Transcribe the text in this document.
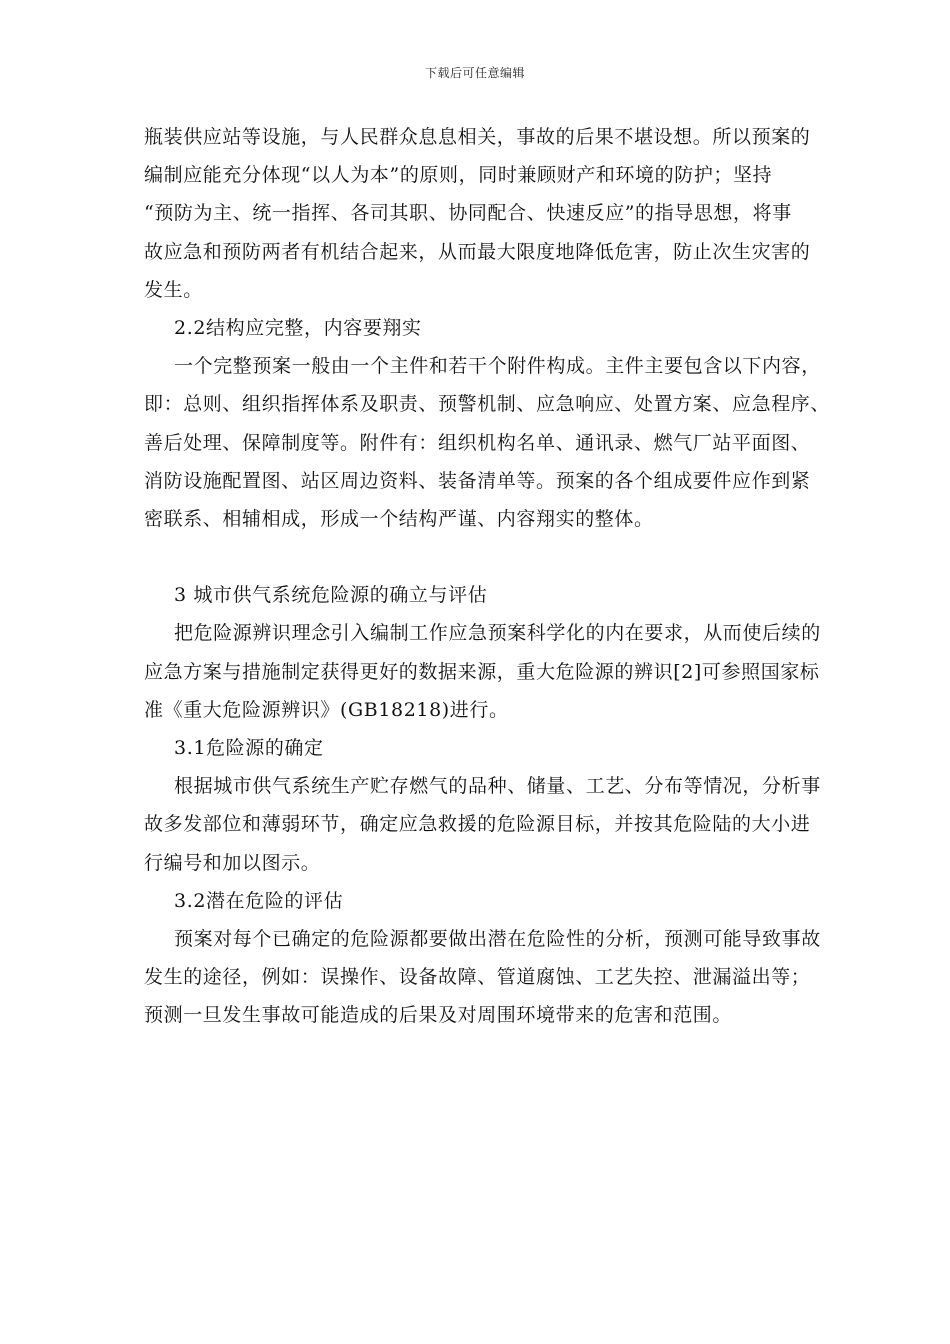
下载后可任意编辑
瓶装供应站等设施，与人民群众息息相关，事故的后果不堪设想。所以预案的
编制应能充分体现“以人为本”的原则，同时兼顾财产和环境的防护；坚持
“预防为主、统一指挥、各司其职、协同配合、快速反应”的指导思想，将事
故应急和预防两者有机结合起来，从而最大限度地降低危害，防止次生灾害的
发生。
2.2结构应完整，内容要翔实
一个完整预案一般由一个主件和若干个附件构成。主件主要包含以下内容，
即：总则、组织指挥体系及职责、预警机制、应急响应、处置方案、应急程序、
善后处理、保障制度等。附件有：组织机构名单、通讯录、燃气厂站平面图、
消防设施配置图、站区周边资料、装备清单等。预案的各个组成要件应作到紧
密联系、相辅相成，形成一个结构严谨、内容翔实的整体。
3 城市供气系统危险源的确立与评估
把危险源辨识理念引入编制工作应急预案科学化的内在要求，从而使后续的
应急方案与措施制定获得更好的数据来源，重大危险源的辨识[2]可参照国家标
准《重大危险源辨识》(GB18218)进行。
3.1危险源的确定
根据城市供气系统生产贮存燃气的品种、储量、工艺、分布等情况，分析事
故多发部位和薄弱环节，确定应急救援的危险源目标，并按其危险陆的大小进
行编号和加以图示。
3.2潜在危险的评估
预案对每个已确定的危险源都要做出潜在危险性的分析，预测可能导致事故
发生的途径，例如：误操作、设备故障、管道腐蚀、工艺失控、泄漏溢出等；
预测一旦发生事故可能造成的后果及对周围环境带来的危害和范围。
